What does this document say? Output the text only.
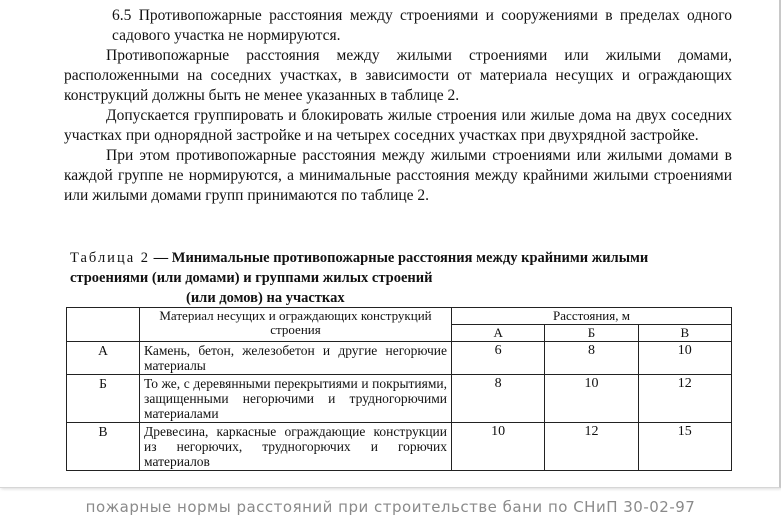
6.5 Противопожарные расстояния между строениями и сооружениями в пределах одного садового участка не нормируются.

Противопожарные расстояния между жилыми строениями или жилыми домами, расположенными на соседних участках, в зависимости от материала несущих и ограждающих конструкций должны быть не менее указанных в таблице 2.

Допускается группировать и блокировать жилые строения или жилые дома на двух соседних участках при однорядной застройке и на четырех соседних участках при двухрядной застройке.

При этом противопожарные расстояния между жилыми строениями или жилыми домами в каждой группе не нормируются, а минимальные расстояния между крайними жилыми строениями или жилыми домами групп принимаются по таблице 2.

Таблица 2 — Минимальные противопожарные расстояния между крайними жилыми строениями (или домами) и группами жилых строений
(или домов) на участках
	Материал несущих и ограждающих конструкций строения	Расстояния, м		
		А	Б	В
А	Камень, бетон, железобетон и другие негорючие материалы	6	8	10
Б	То же, с деревянными перекрытиями и покрытиями, защищенными негорючими и трудногорючими материалами	8	10	12
В	Древесина, каркасные ограждающие конструкции из негорючих, трудногорючих и горючих материалов	10	12	15
пожарные нормы расстояний при строительстве бани по СНиП 30-02-97
